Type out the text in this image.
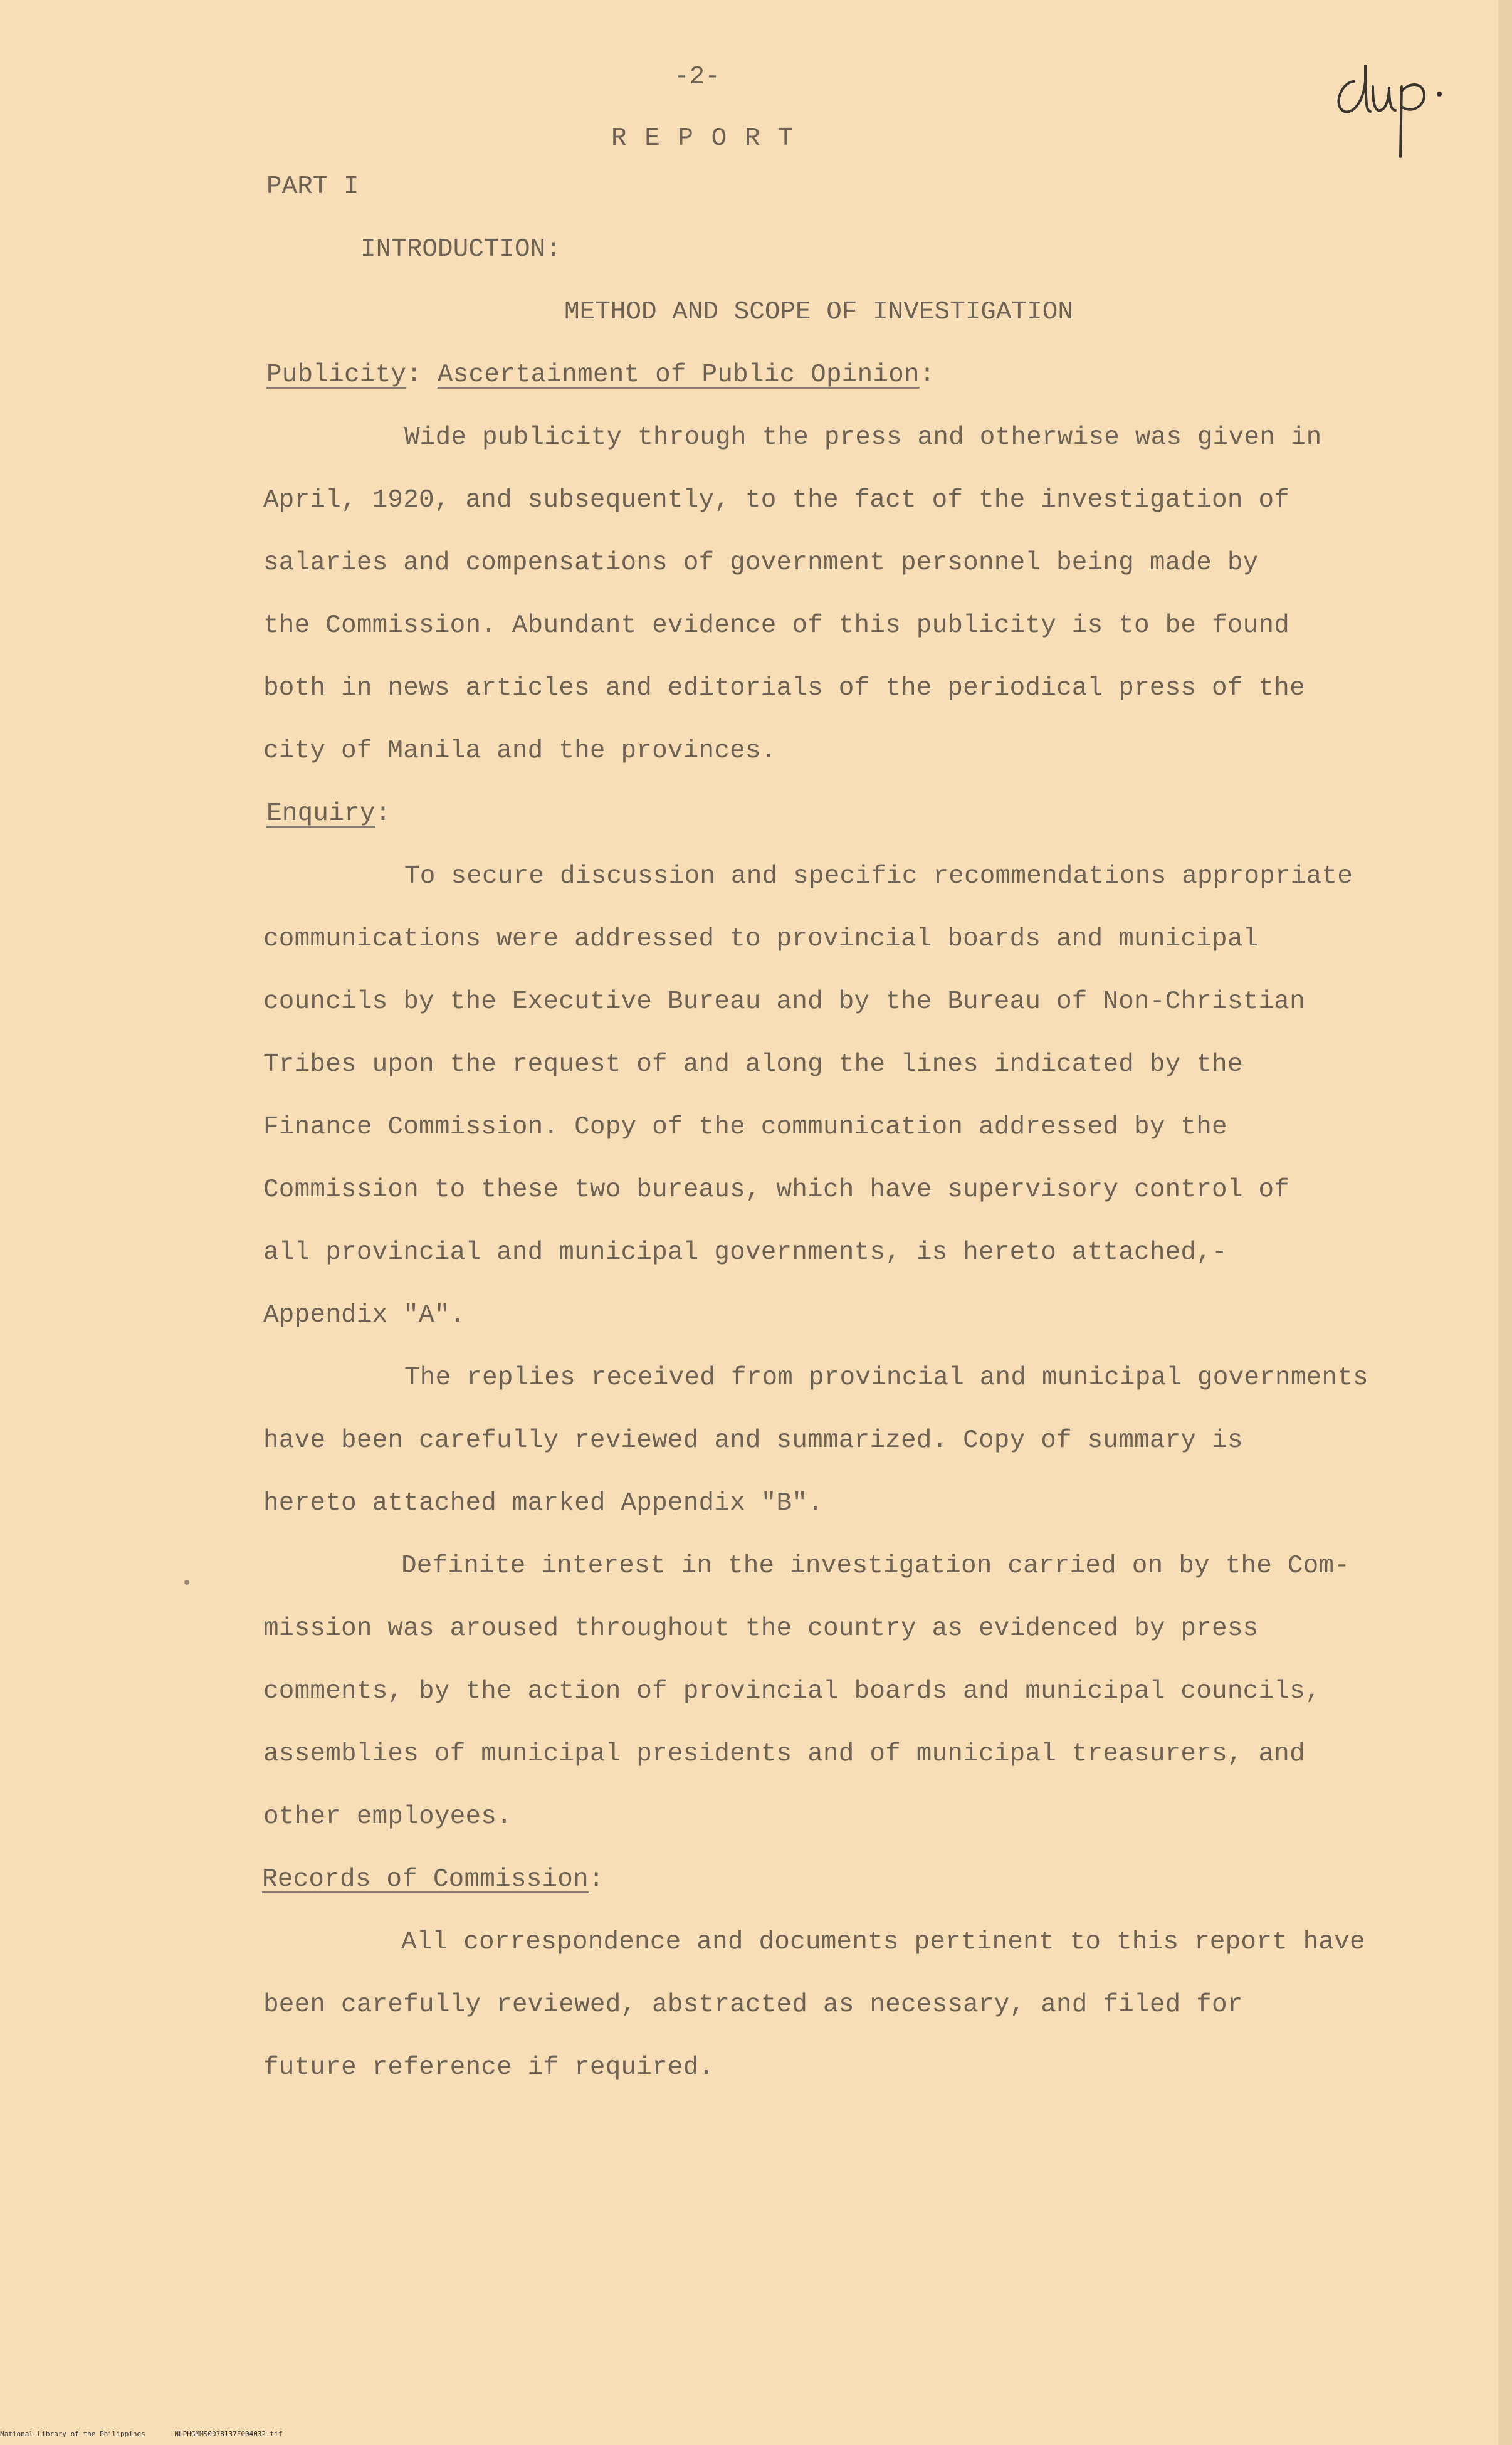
-2-
R E P O R T
PART I
INTRODUCTION:
METHOD AND SCOPE OF INVESTIGATION
Publicity: Ascertainment of Public Opinion:
Wide publicity through the press and otherwise was given in
April, 1920, and subsequently, to the fact of the investigation of
salaries and compensations of government personnel being made by
the Commission. Abundant evidence of this publicity is to be found
both in news articles and editorials of the periodical press of the
city of Manila and the provinces.
Enquiry:
To secure discussion and specific recommendations appropriate
communications were addressed to provincial boards and municipal
councils by the Executive Bureau and by the Bureau of Non-Christian
Tribes upon the request of and along the lines indicated by the
Finance Commission. Copy of the communication addressed by the
Commission to these two bureaus, which have supervisory control of
all provincial and municipal governments, is hereto attached,-
Appendix "A".
The replies received from provincial and municipal governments
have been carefully reviewed and summarized. Copy of summary is
hereto attached marked Appendix "B".
Definite interest in the investigation carried on by the Com-
mission was aroused throughout the country as evidenced by press
comments, by the action of provincial boards and municipal councils,
assemblies of municipal presidents and of municipal treasurers, and
other employees.
Records of Commission:
All correspondence and documents pertinent to this report have
been carefully reviewed, abstracted as necessary, and filed for
future reference if required.
National Library of the Philippines	NLPHGMMS0078137F004032.tif
